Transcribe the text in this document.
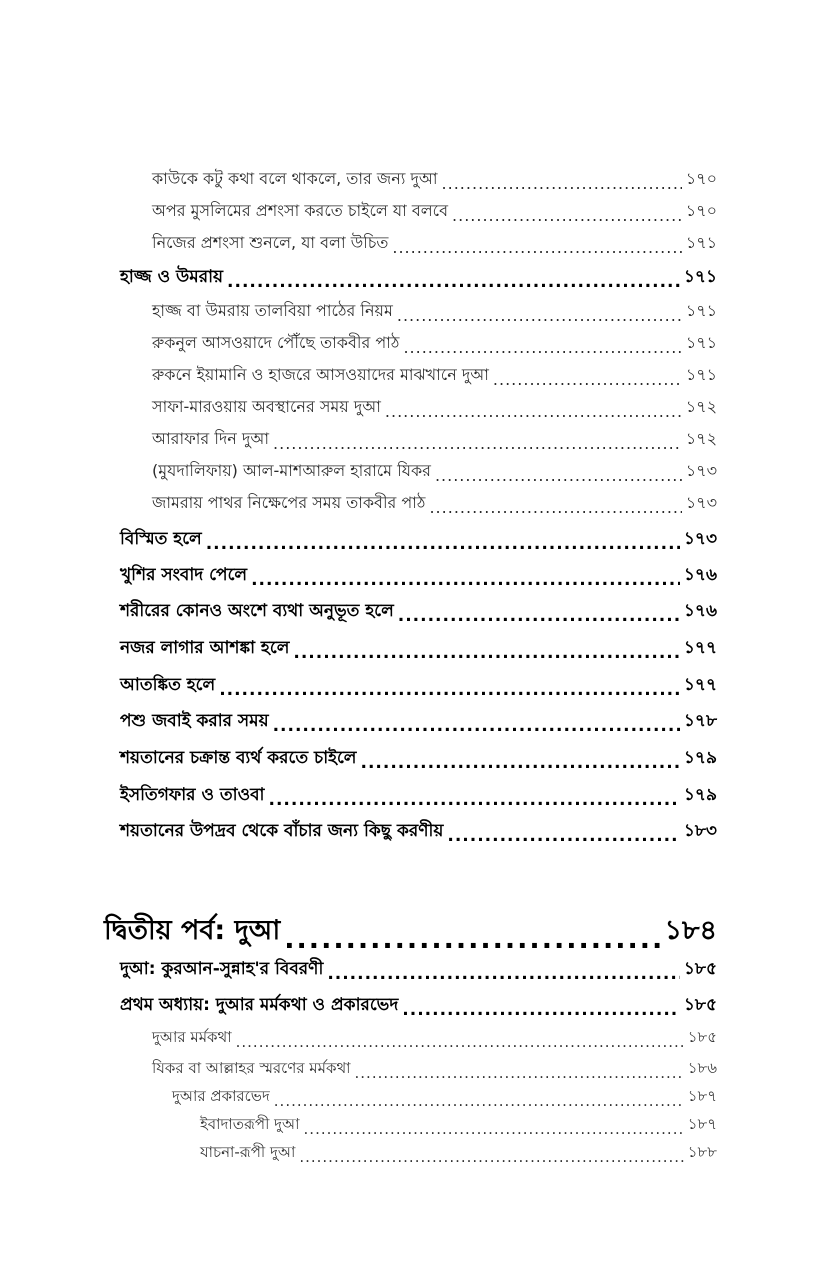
কাউকে কটু কথা বলে থাকলে, তার জন্য দুআ .....	১৭০
অপর মুসলিমের প্রশংসা করতে চাইলে যা বলবে .....	১৭০
নিজের প্রশংসা শুনলে, যা বলা উচিত .....	১৭১
হাজ্জ ও উমরায় .....	১৭১
হাজ্জ বা উমরায় তালবিয়া পাঠের নিয়ম .....	১৭১
রুকনুল আসওয়াদে পৌঁছে তাকবীর পাঠ .....	১৭১
রুকনে ইয়ামানি ও হাজরে আসওয়াদের মাঝখানে দুআ .....	১৭১
সাফা-মারওয়ায় অবস্থানের সময় দুআ .....	১৭২
আরাফার দিন দুআ .....	১৭২
(মুযদালিফায়) আল-মাশআরুল হারামে যিকর .....	১৭৩
জামরায় পাথর নিক্ষেপের সময় তাকবীর পাঠ .....	১৭৩
বিস্মিত হলে .....	১৭৩
খুশির সংবাদ পেলে .....	১৭৬
শরীরের কোনও অংশে ব্যথা অনুভূত হলে .....	১৭৬
নজর লাগার আশঙ্কা হলে .....	১৭৭
আতঙ্কিত হলে .....	১৭৭
পশু জবাই করার সময় .....	১৭৮
শয়তানের চক্রান্ত ব্যর্থ করতে চাইলে .....	১৭৯
ইসতিগফার ও তাওবা .....	১৭৯
শয়তানের উপদ্রব থেকে বাঁচার জন্য কিছু করণীয় .....	১৮৩
দ্বিতীয় পর্ব: দুআ .....	১৮৪
দুআ: কুরআন-সুন্নাহ'র বিবরণী .....	১৮৫
প্রথম অধ্যায়: দুআর মর্মকথা ও প্রকারভেদ .....	১৮৫
দুআর মর্মকথা .....	১৮৫
যিকর বা আল্লাহর স্মরণের মর্মকথা .....	১৮৬
দুআর প্রকারভেদ .....	১৮৭
ইবাদাতরূপী দুআ .....	১৮৭
যাচনা-রূপী দুআ .....	১৮৮
